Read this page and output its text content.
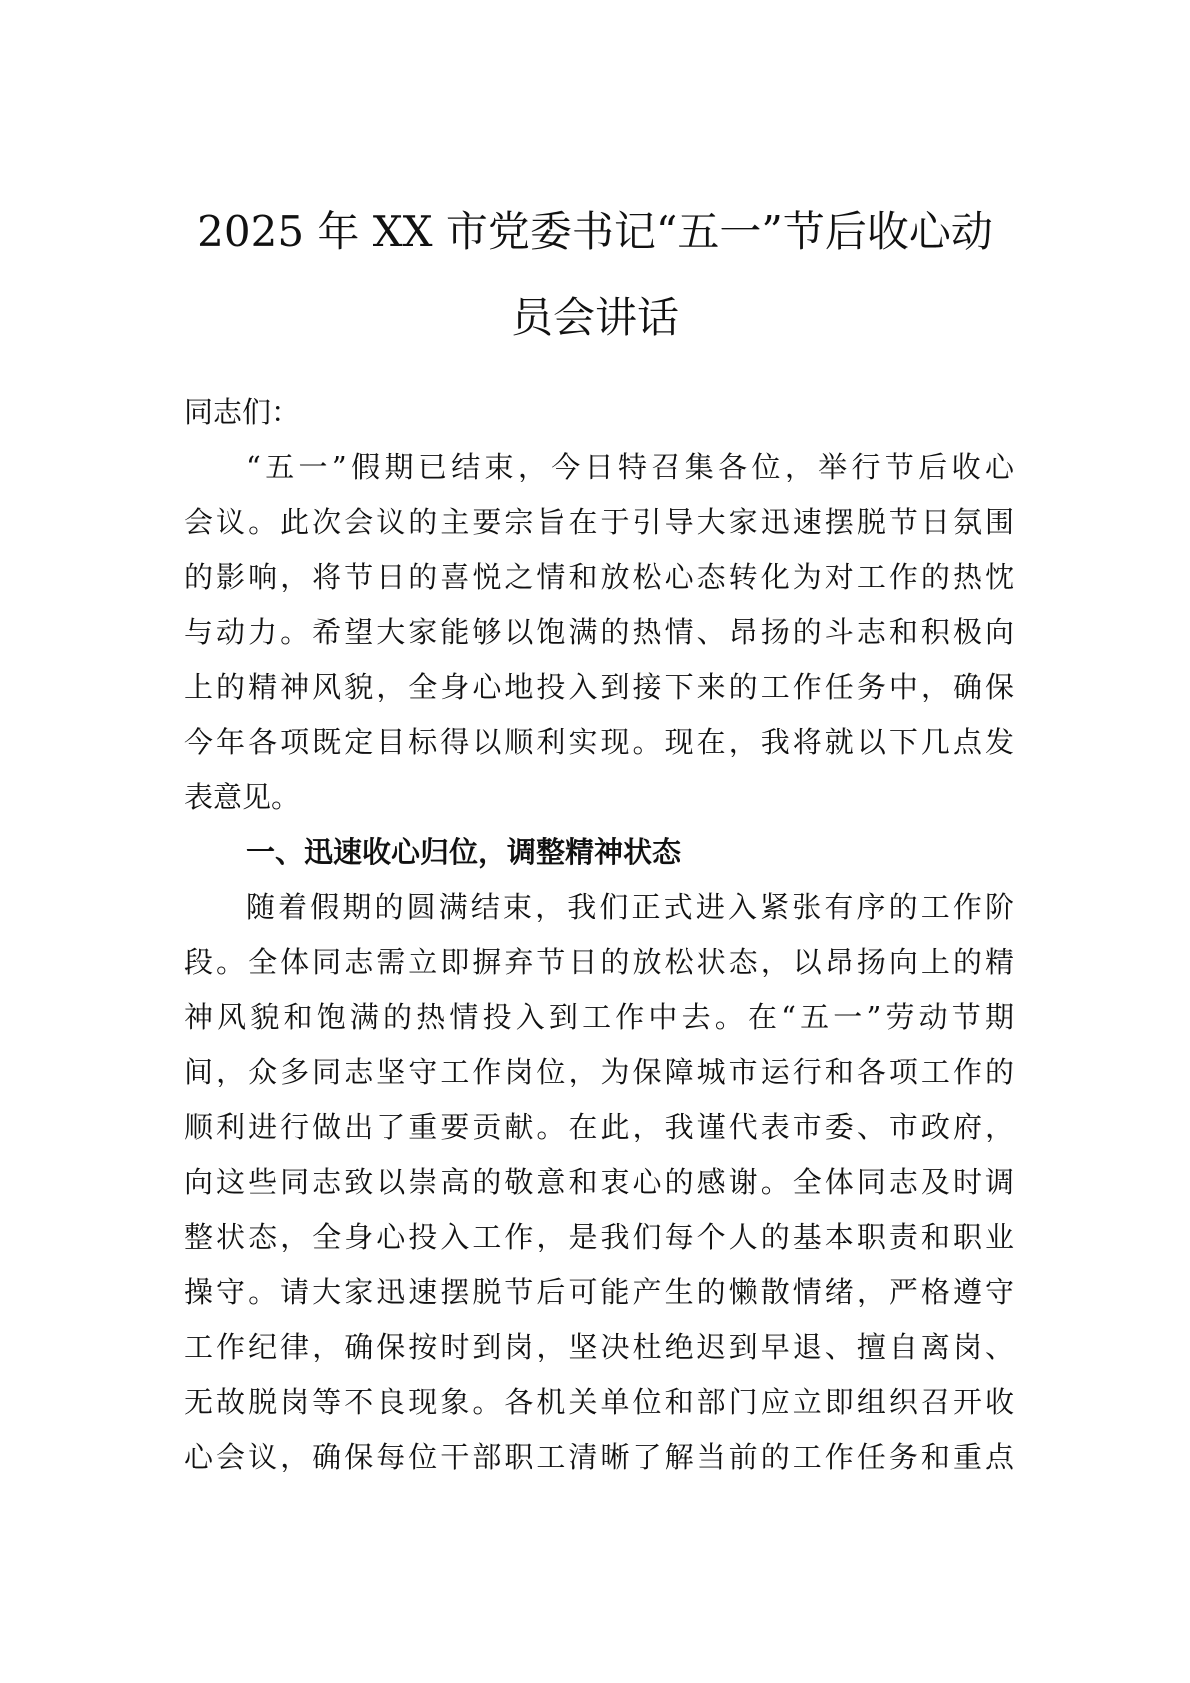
2025 年 XX 市党委书记“五一”节后收心动
员会讲话

同志们：

“五一”假期已结束，今日特召集各位，举行节后收心

会议。此次会议的主要宗旨在于引导大家迅速摆脱节日氛围

的影响，将节日的喜悦之情和放松心态转化为对工作的热忱

与动力。希望大家能够以饱满的热情、昂扬的斗志和积极向

上的精神风貌，全身心地投入到接下来的工作任务中，确保

今年各项既定目标得以顺利实现。现在，我将就以下几点发

表意见。

一、迅速收心归位，调整精神状态

随着假期的圆满结束，我们正式进入紧张有序的工作阶

段。全体同志需立即摒弃节日的放松状态，以昂扬向上的精

神风貌和饱满的热情投入到工作中去。在“五一”劳动节期

间，众多同志坚守工作岗位，为保障城市运行和各项工作的

顺利进行做出了重要贡献。在此，我谨代表市委、市政府，

向这些同志致以崇高的敬意和衷心的感谢。全体同志及时调

整状态，全身心投入工作，是我们每个人的基本职责和职业

操守。请大家迅速摆脱节后可能产生的懒散情绪，严格遵守

工作纪律，确保按时到岗，坚决杜绝迟到早退、擅自离岗、

无故脱岗等不良现象。各机关单位和部门应立即组织召开收

心会议，确保每位干部职工清晰了解当前的工作任务和重点
